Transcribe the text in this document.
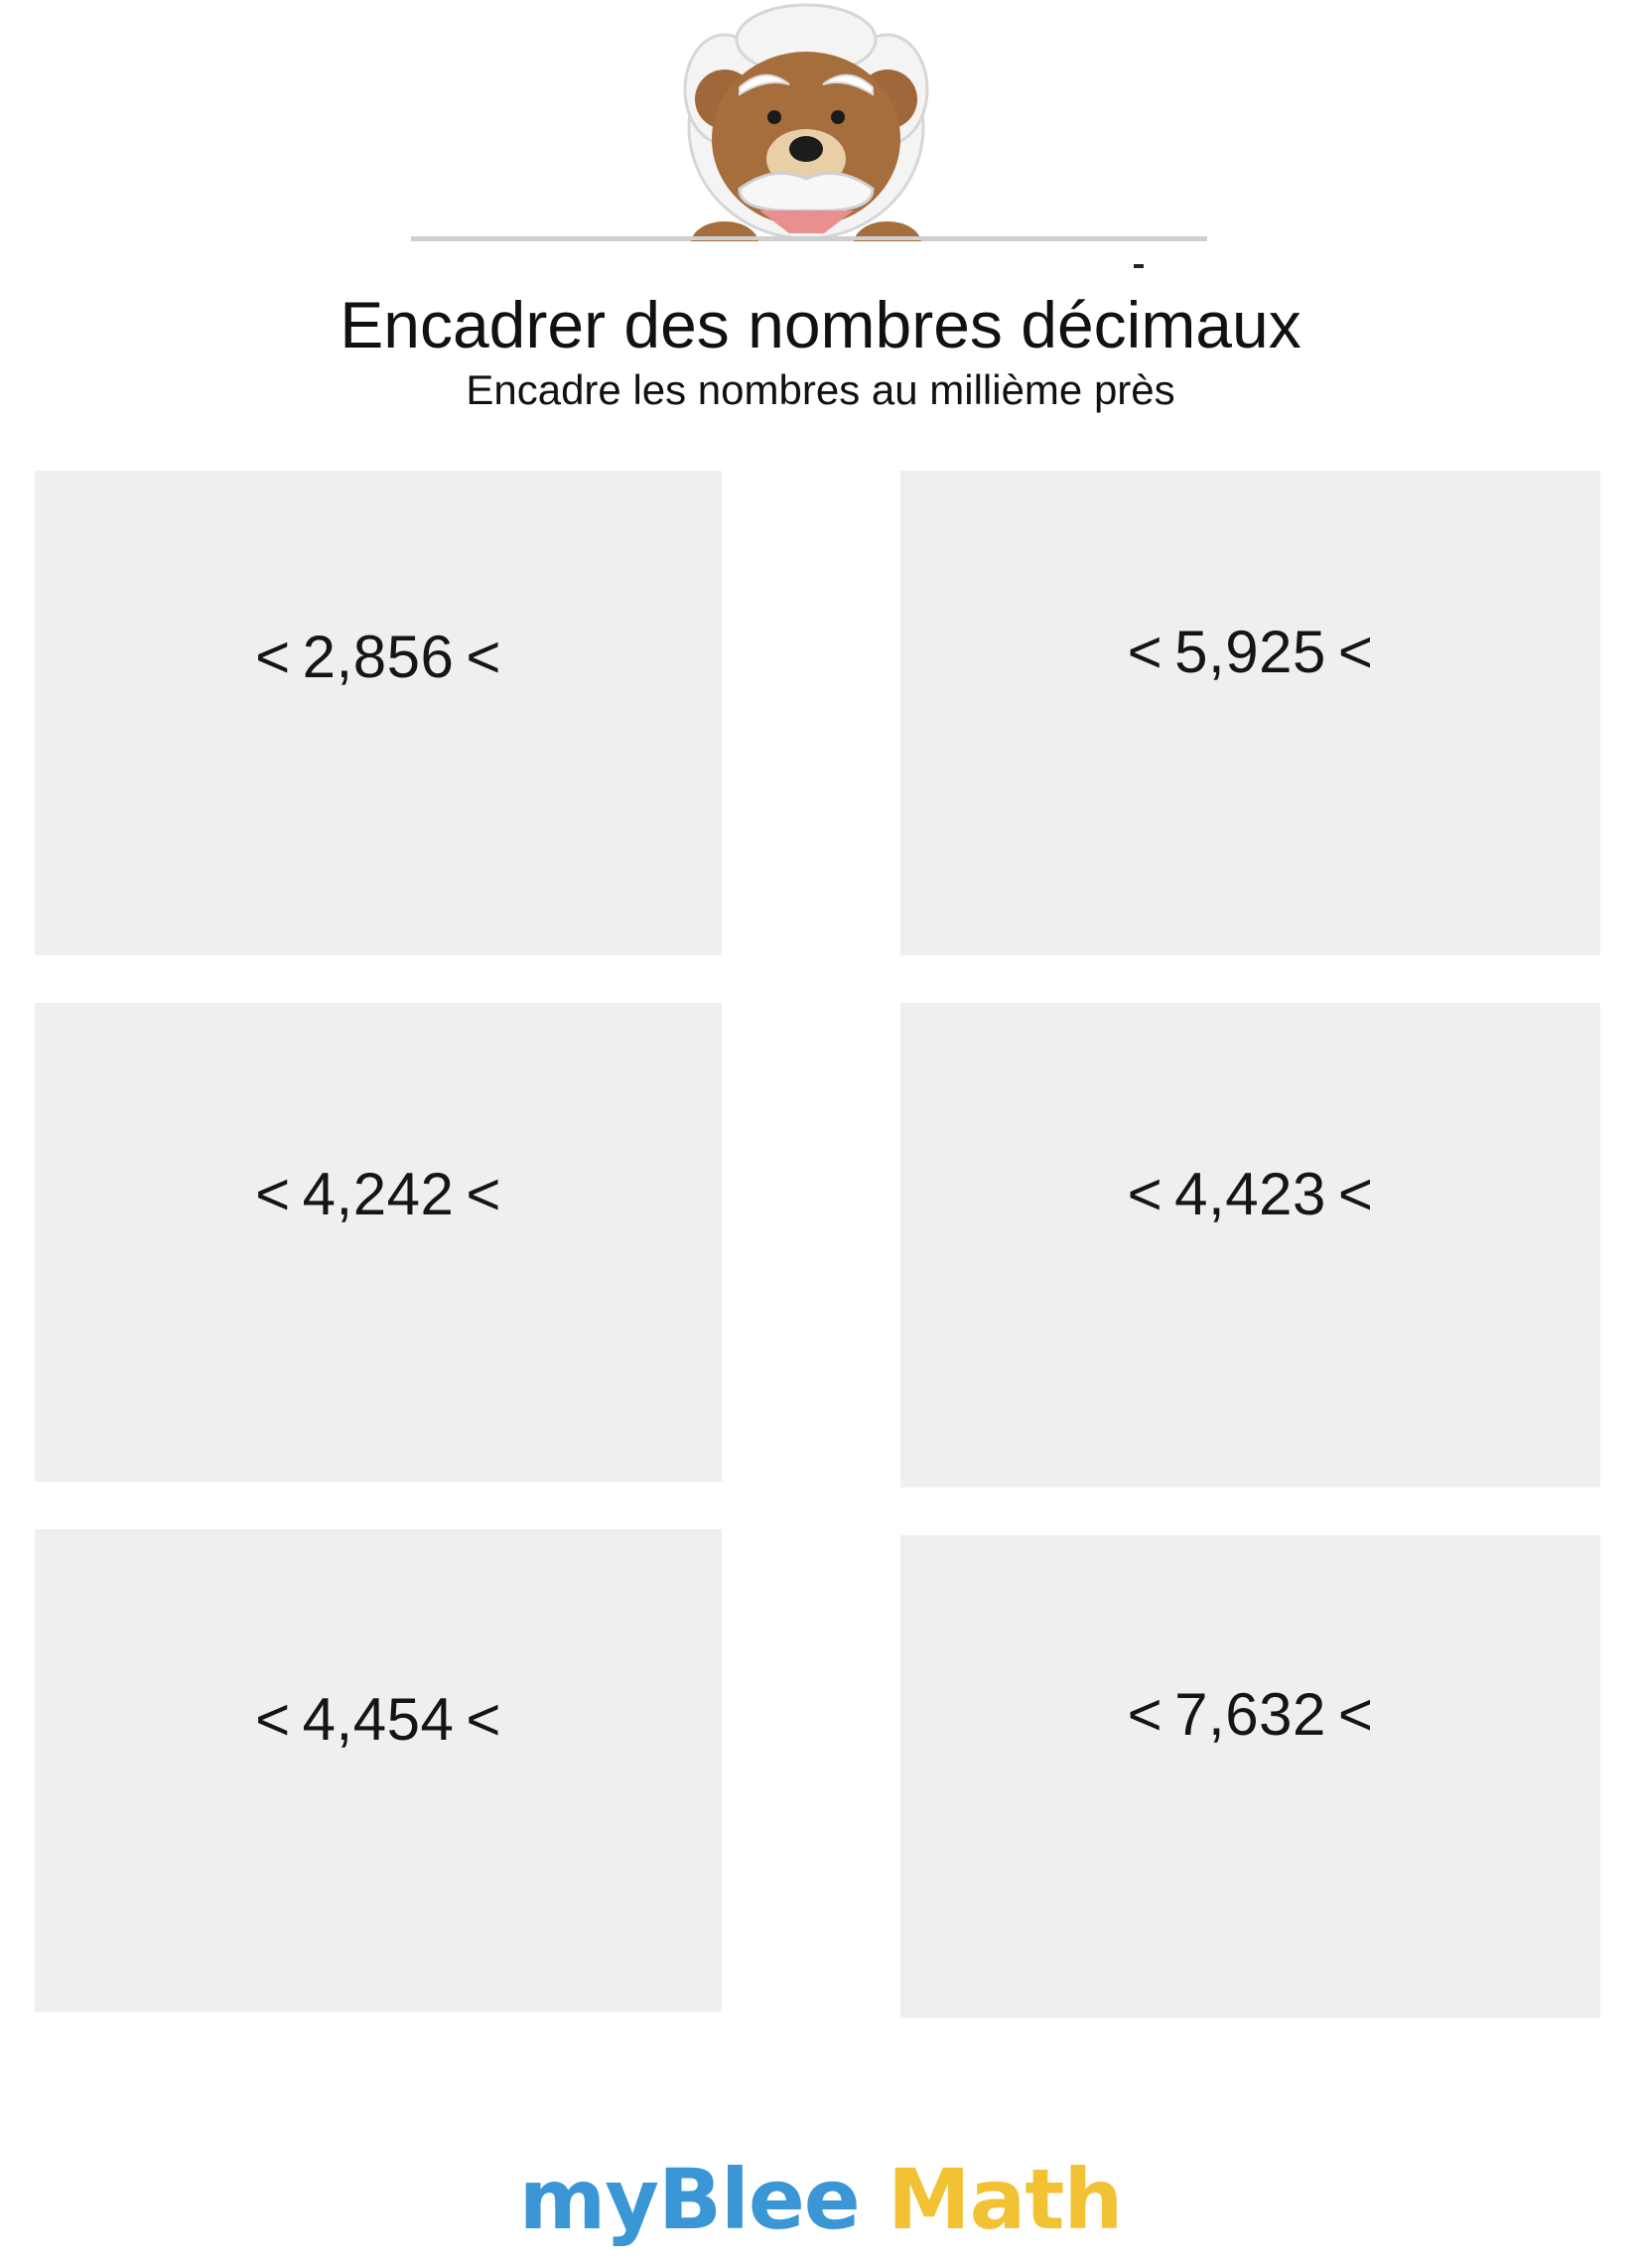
Encadrer des nombres décimaux
Encadre les nombres au millième près
< 2,856 <	< 5,925 <
< 4,242 <	< 4,423 <
< 4,454 <	< 7,632 <
myBlee Math
